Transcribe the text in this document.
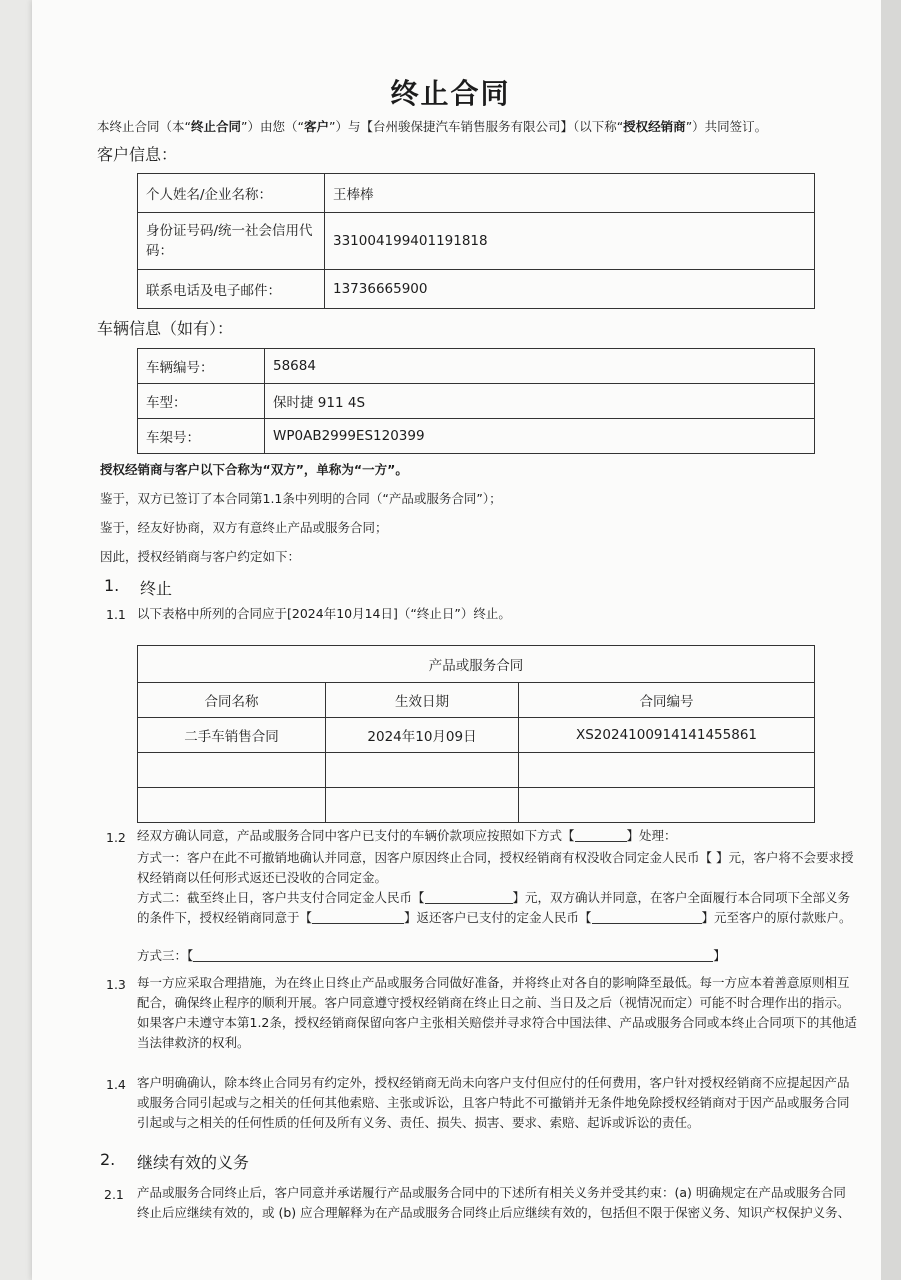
终止合同
本终止合同（本“终止合同”）由您（“客户”）与【台州骏保捷汽车销售服务有限公司】（以下称“授权经销商”）共同签订。
客户信息：
个人姓名/企业名称：	王棒棒
身份证号码/统一社会信用代码：	331004199401191818
联系电话及电子邮件：	13736665900
车辆信息（如有）：
车辆编号：	58684
车型：	保时捷 911 4S
车架号：	WP0AB2999ES120399
授权经销商与客户以下合称为“双方”，单称为“一方”。
鉴于，双方已签订了本合同第1.1条中列明的合同（“产品或服务合同”）；
鉴于，经友好协商，双方有意终止产品或服务合同；
因此，授权经销商与客户约定如下：
1. 终止
1.1 以下表格中所列的合同应于[2024年10月14日]（“终止日”）终止。
产品或服务合同		
合同名称	生效日期	合同编号
二手车销售合同	2024年10月09日	XS2024100914141455861

1.2 经双方确认同意，产品或服务合同中客户已支付的车辆价款项应按照如下方式【	】处理：
方式一：客户在此不可撤销地确认并同意，因客户原因终止合同，授权经销商有权没收合同定金人民币【 】元，客户将不会要求授权经销商以任何形式返还已没收的合同定金。
方式二：截至终止日，客户共支付合同定金人民币【	】元，双方确认并同意，在客户全面履行本合同项下全部义务的条件下，授权经销商同意于【	】返还客户已支付的定金人民币【	】元至客户的原付款账户。
方式三：【	】
1.3 每一方应采取合理措施，为在终止日终止产品或服务合同做好准备，并将终止对各自的影响降至最低。每一方应本着善意原则相互配合，确保终止程序的顺利开展。客户同意遵守授权经销商在终止日之前、当日及之后（视情况而定）可能不时合理作出的指示。如果客户未遵守本第1.2条，授权经销商保留向客户主张相关赔偿并寻求符合中国法律、产品或服务合同或本终止合同项下的其他适当法律救济的权利。
1.4 客户明确确认，除本终止合同另有约定外，授权经销商无尚未向客户支付但应付的任何费用，客户针对授权经销商不应提起因产品或服务合同引起或与之相关的任何其他索赔、主张或诉讼，且客户特此不可撤销并无条件地免除授权经销商对于因产品或服务合同引起或与之相关的任何性质的任何及所有义务、责任、损失、损害、要求、索赔、起诉或诉讼的责任。
2. 继续有效的义务
2.1 产品或服务合同终止后，客户同意并承诺履行产品或服务合同中的下述所有相关义务并受其约束：(a) 明确规定在产品或服务合同终止后应继续有效的，或 (b) 应合理解释为在产品或服务合同终止后应继续有效的，包括但不限于保密义务、知识产权保护义务、
